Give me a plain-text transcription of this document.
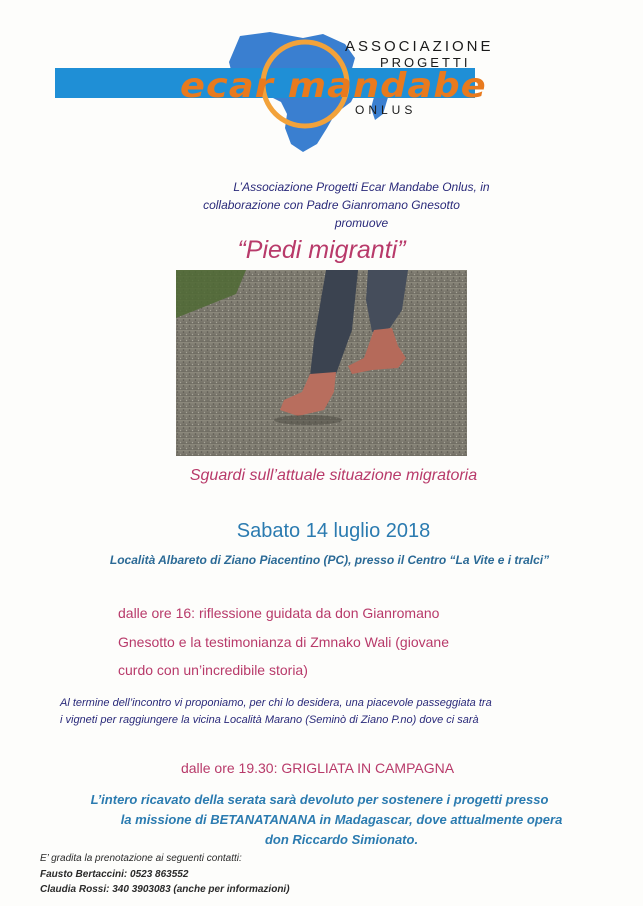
ASSOCIAZIONE
PROGETTI
ecar mandabe
ONLUS
L’Associazione Progetti Ecar Mandabe Onlus, in
collaborazione con Padre Gianromano Gnesotto
promuove
“Piedi migranti”
Sguardi sull’attuale situazione migratoria
Sabato 14 luglio 2018
Località Albareto di Ziano Piacentino (PC), presso il Centro “La Vite e i tralci”
dalle ore 16: riflessione guidata da don Gianromano
Gnesotto e la testimonianza di Zmnako Wali (giovane
curdo con un’incredibile storia)
Al termine dell’incontro vi proponiamo, per chi lo desidera, una piacevole passeggiata tra
i vigneti per raggiungere la vicina Località Marano (Seminò di Ziano P.no) dove ci sarà
dalle ore 19.30: GRIGLIATA IN CAMPAGNA
L’intero ricavato della serata sarà devoluto per sostenere i progetti presso
la missione di BETANATANANA in Madagascar, dove attualmente opera
don Riccardo Simionato.
E’ gradita la prenotazione ai seguenti contatti:
Fausto Bertaccini: 0523 863552
Claudia Rossi: 340 3903083 (anche per informazioni)
